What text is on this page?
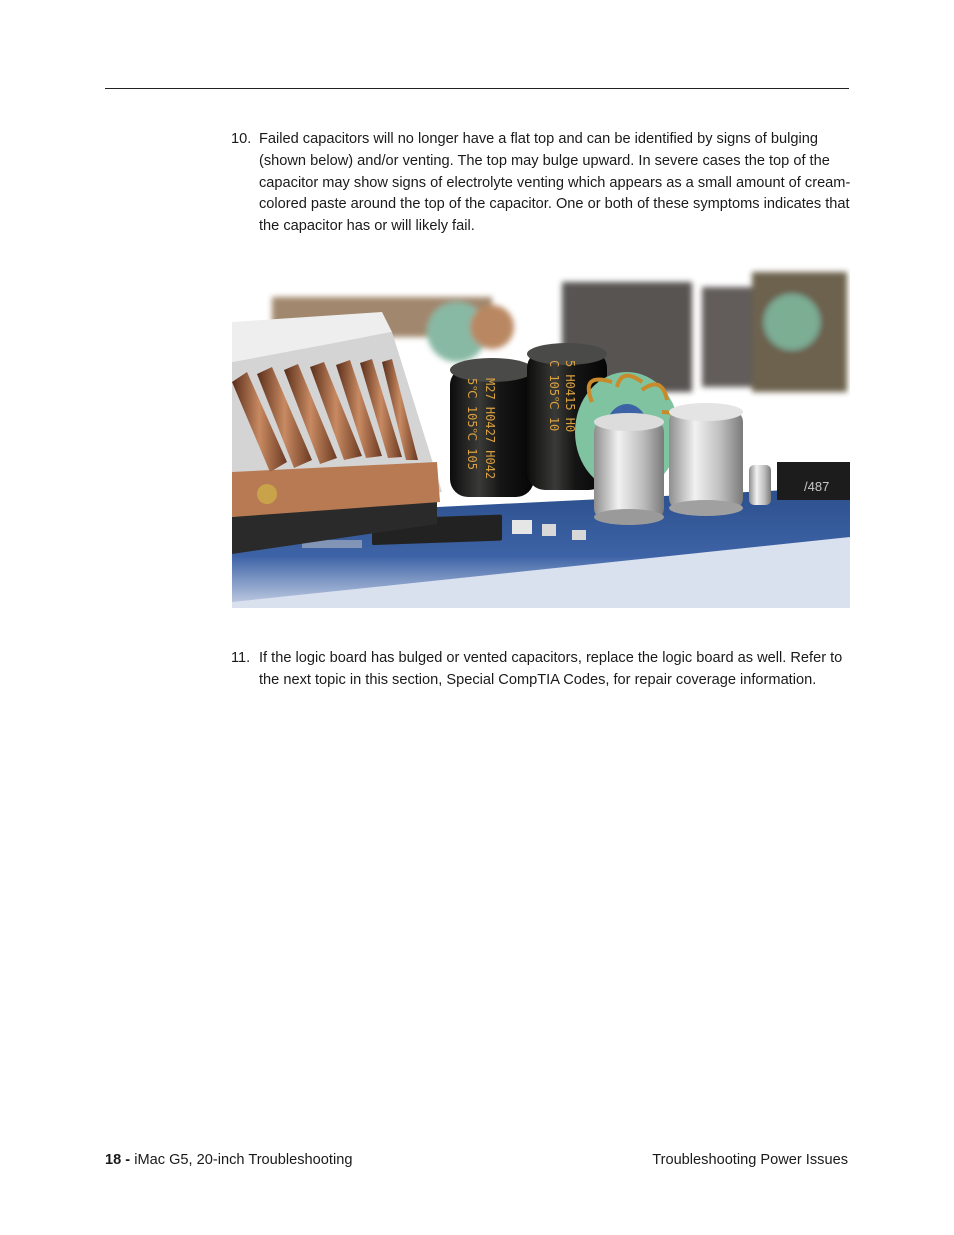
10. Failed capacitors will no longer have a flat top and can be identified by signs of bulging (shown below) and/or venting. The top may bulge upward. In severe cases the top of the capacitor may show signs of electrolyte venting which appears as a small amount of cream-colored paste around the top of the capacitor. One or both of these symptoms indicates that the capacitor has or will likely fail.
5℃ 105℃ 105 M27 H0427 H042	C 105℃ 10 5 H0415 H0
/487
11. If the logic board has bulged or vented capacitors, replace the logic board as well. Refer to the next topic in this section, Special CompTIA Codes, for repair coverage information.
18 - iMac G5, 20-inch Troubleshooting	Troubleshooting Power Issues
